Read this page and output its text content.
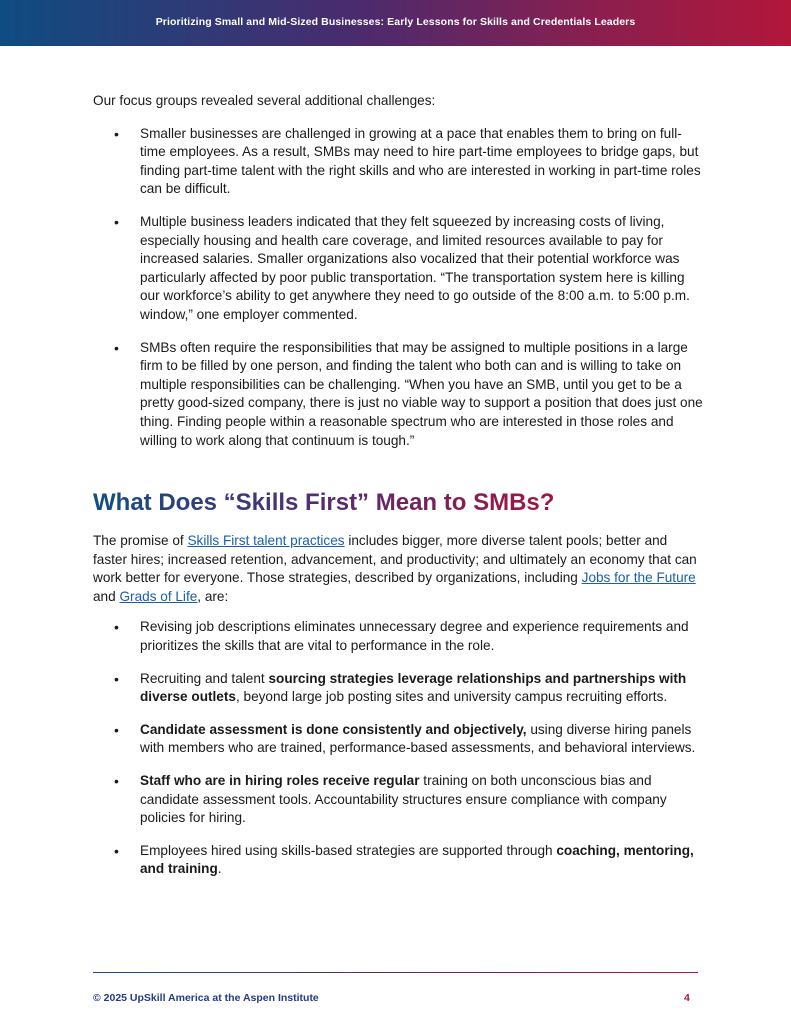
Prioritizing Small and Mid-Sized Businesses: Early Lessons for Skills and Credentials Leaders

Our focus groups revealed several additional challenges:

• Smaller businesses are challenged in growing at a pace that enables them to bring on full-time employees. As a result, SMBs may need to hire part-time employees to bridge gaps, but finding part-time talent with the right skills and who are interested in working in part-time roles can be difficult.
• Multiple business leaders indicated that they felt squeezed by increasing costs of living, especially housing and health care coverage, and limited resources available to pay for increased salaries. Smaller organizations also vocalized that their potential workforce was particularly affected by poor public transportation. “The transportation system here is killing our workforce’s ability to get anywhere they need to go outside of the 8:00 a.m. to 5:00 p.m. window,” one employer commented.
• SMBs often require the responsibilities that may be assigned to multiple positions in a large firm to be filled by one person, and finding the talent who both can and is willing to take on multiple responsibilities can be challenging. “When you have an SMB, until you get to be a pretty good-sized company, there is just no viable way to support a position that does just one thing. Finding people within a reasonable spectrum who are interested in those roles and willing to work along that continuum is tough.”
What Does “Skills First” Mean to SMBs?

The promise of Skills First talent practices includes bigger, more diverse talent pools; better and faster hires; increased retention, advancement, and productivity; and ultimately an economy that can work better for everyone. Those strategies, described by organizations, including Jobs for the Future and Grads of Life, are:

• Revising job descriptions eliminates unnecessary degree and experience requirements and prioritizes the skills that are vital to performance in the role.
• Recruiting and talent sourcing strategies leverage relationships and partnerships with diverse outlets, beyond large job posting sites and university campus recruiting efforts.
• Candidate assessment is done consistently and objectively, using diverse hiring panels with members who are trained, performance-based assessments, and behavioral interviews.
• Staff who are in hiring roles receive regular training on both unconscious bias and candidate assessment tools. Accountability structures ensure compliance with company policies for hiring.
• Employees hired using skills-based strategies are supported through coaching, mentoring, and training.
© 2025 UpSkill America at the Aspen Institute	4
